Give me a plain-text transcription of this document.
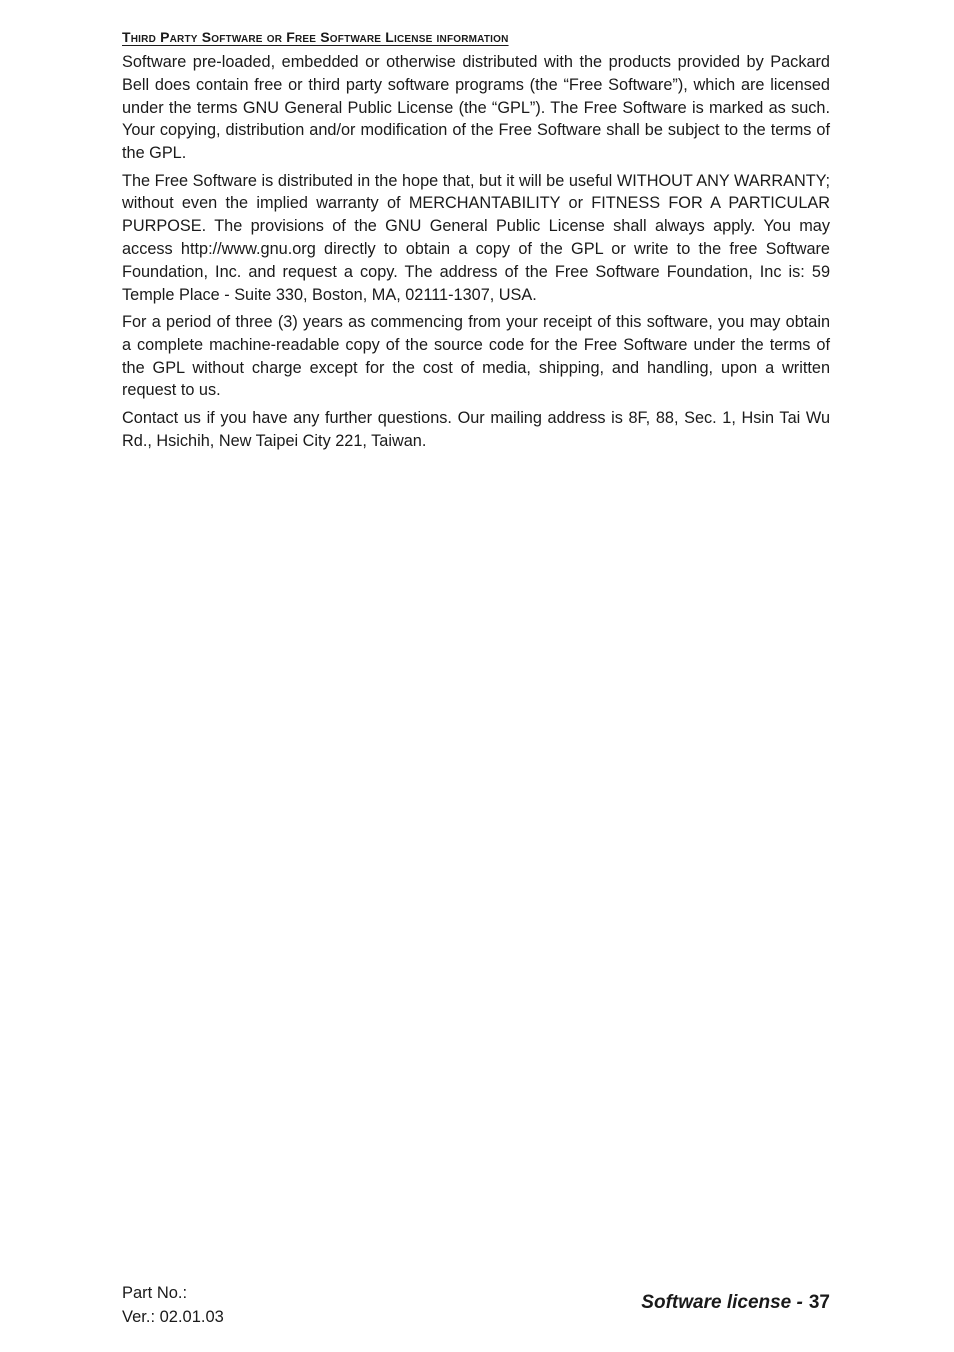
Third Party Software or Free Software License information

Software pre-loaded, embedded or otherwise distributed with the products provided by Packard Bell does contain free or third party software programs (the “Free Software”), which are licensed under the terms GNU General Public License (the “GPL”). The Free Software is marked as such. Your copying, distribution and/or modification of the Free Software shall be subject to the terms of the GPL.

The Free Software is distributed in the hope that, but it will be useful WITHOUT ANY WARRANTY; without even the implied warranty of MERCHANTABILITY or FITNESS FOR A PARTICULAR PURPOSE. The provisions of the GNU General Public License shall always apply. You may access http://www.gnu.org directly to obtain a copy of the GPL or write to the free Software Foundation, Inc. and request a copy. The address of the Free Software Foundation, Inc is: 59 Temple Place - Suite 330, Boston, MA, 02111-1307, USA.

For a period of three (3) years as commencing from your receipt of this software, you may obtain a complete machine-readable copy of the source code for the Free Software under the terms of the GPL without charge except for the cost of media, shipping, and handling, upon a written request to us.

Contact us if you have any further questions. Our mailing address is 8F, 88, Sec. 1, Hsin Tai Wu Rd., Hsichih, New Taipei City 221, Taiwan.

Part No.:
Ver.: 02.01.03
Software license - 37
